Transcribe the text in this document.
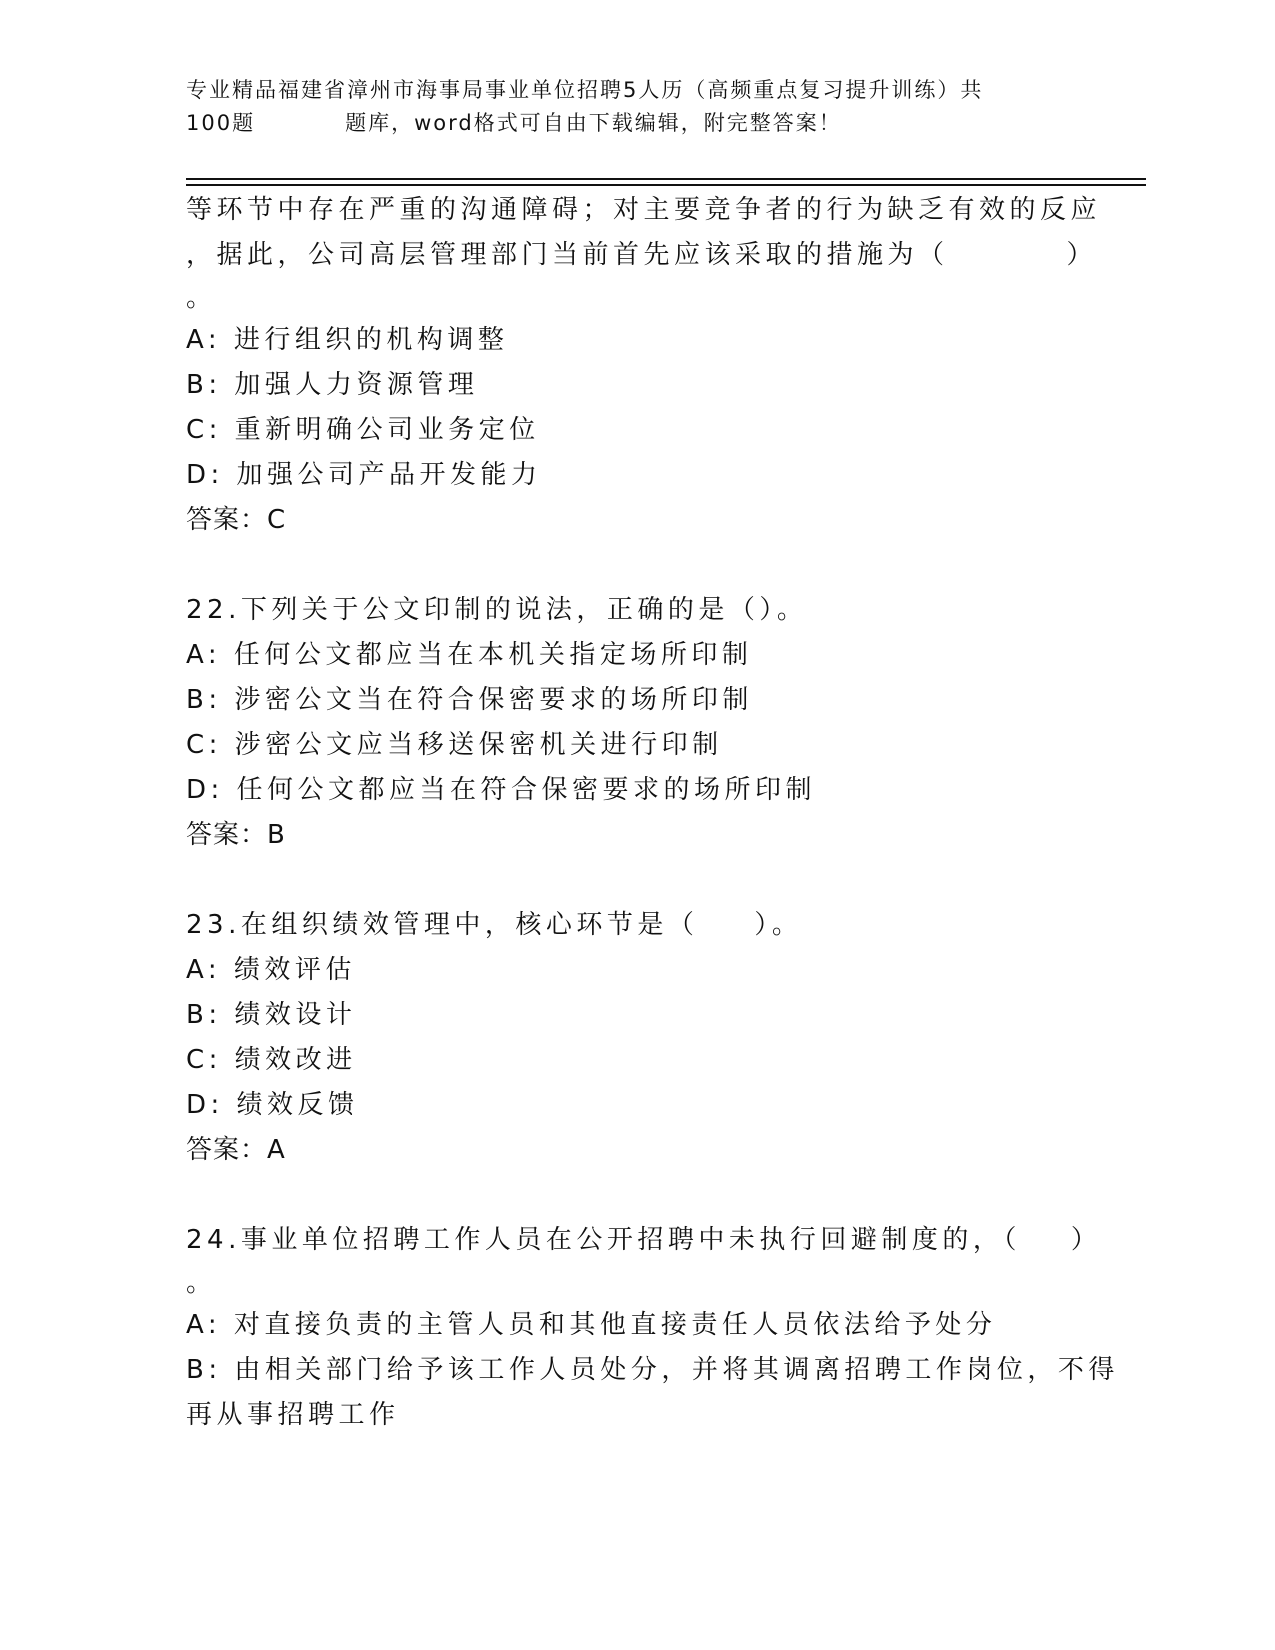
专业精品福建省漳州市海事局事业单位招聘5人历（高频重点复习提升训练）共
100题	题库，word格式可自由下载编辑，附完整答案！
等环节中存在严重的沟通障碍；对主要竞争者的行为缺乏有效的反应
，据此，公司高层管理部门当前首先应该采取的措施为（	）
。
A: 进行组织的机构调整
B: 加强人力资源管理
C: 重新明确公司业务定位
D: 加强公司产品开发能力
答案：C
22.下列关于公文印制的说法，正确的是（）。
A: 任何公文都应当在本机关指定场所印制
B: 涉密公文当在符合保密要求的场所印制
C: 涉密公文应当移送保密机关进行印制
D: 任何公文都应当在符合保密要求的场所印制
答案：B
23.在组织绩效管理中，核心环节是（ ）。
A: 绩效评估
B: 绩效设计
C: 绩效改进
D: 绩效反馈
答案：A
24.事业单位招聘工作人员在公开招聘中未执行回避制度的，（ ）
。
A: 对直接负责的主管人员和其他直接责任人员依法给予处分
B: 由相关部门给予该工作人员处分，并将其调离招聘工作岗位，不得
再从事招聘工作
